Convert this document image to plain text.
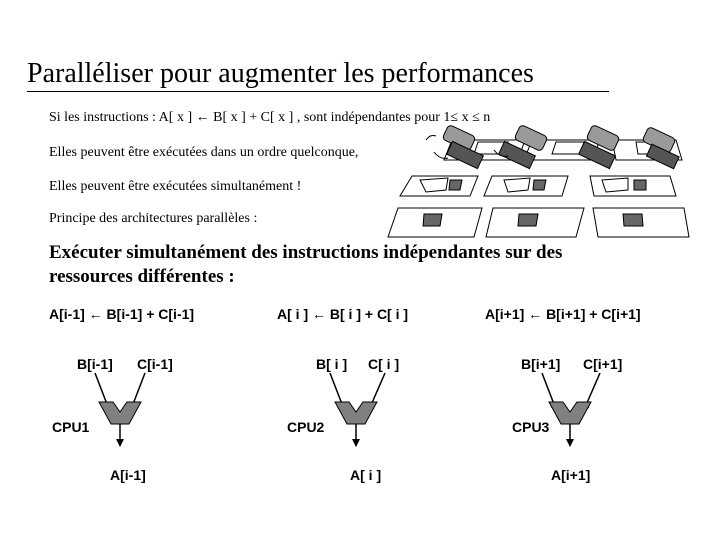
Paralléliser pour augmenter les performances
Si les instructions : A[ x ] ← B[ x ] + C[ x ] , sont indépendantes pour 1≤ x ≤ n
Elles peuvent être exécutées dans un ordre quelconque,
Elles peuvent être exécutées simultanément !
Principe des architectures parallèles :
Exécuter simultanément des instructions indépendantes sur des
ressources différentes :
A[i-1] ← B[i-1] + C[i-1]
B[i-1] C[i-1]
CPU1
A[i-1]
A[ i ] ← B[ i ] + C[ i ]
B[ i ] C[ i ]
CPU2
A[ i ]
A[i+1] ← B[i+1] + C[i+1]
B[i+1] C[i+1]
CPU3
A[i+1]
